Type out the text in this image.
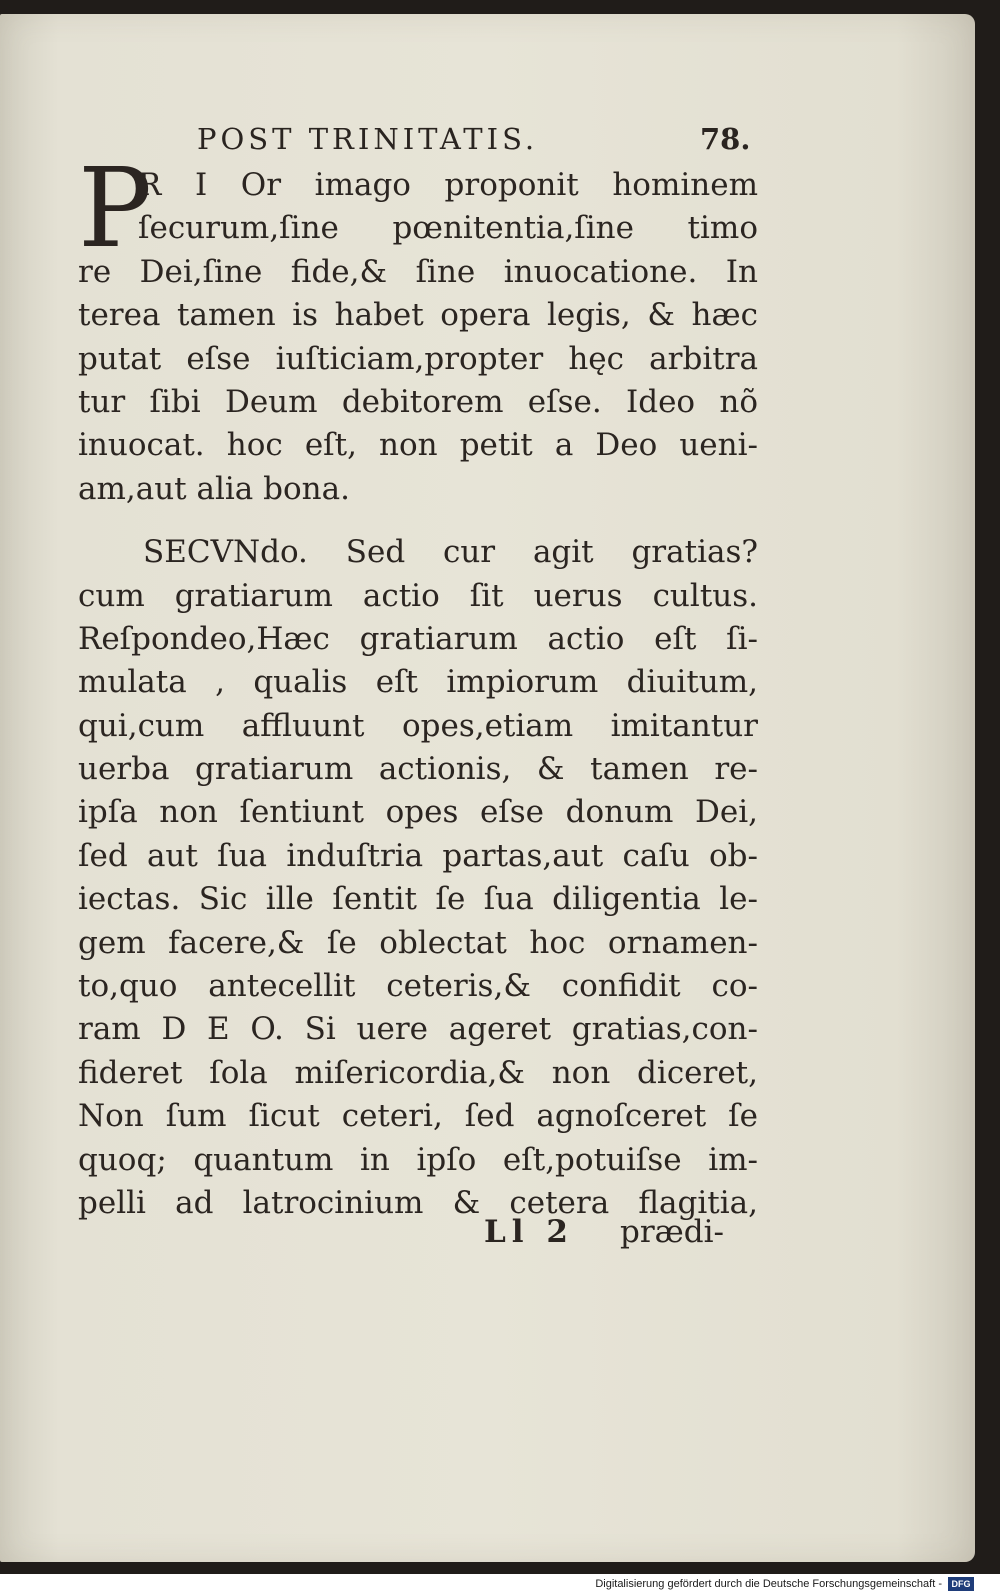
POST TRINITATIS.	78.
P
R I Or imago proponit hominem
ſecurum,ſine pœnitentia,ſine timo
re Dei,ſine fide,& ſine inuocatione. In
terea tamen is habet opera legis, & hæc
putat eſse iuſticiam,propter hęc arbitra
tur ſibi Deum debitorem eſse. Ideo nõ
inuocat. hoc eſt, non petit a Deo ueni-
am,aut alia bona.
SECVNdo. Sed cur agit gratias?
cum gratiarum actio ſit uerus cultus.
Reſpondeo,Hæc gratiarum actio eſt ſi-
mulata , qualis eſt impiorum diuitum,
qui,cum affluunt opes,etiam imitantur
uerba gratiarum actionis, & tamen re-
ipſa non ſentiunt opes eſse donum Dei,
ſed aut ſua induſtria partas,aut caſu ob-
iectas. Sic ille ſentit ſe ſua diligentia le-
gem facere,& ſe oblectat hoc ornamen-
to,quo antecellit ceteris,& confidit co-
ram D E O. Si uere ageret gratias,con-
fideret ſola miſericordia,& non diceret,
Non ſum ſicut ceteri, ſed agnoſceret ſe
quoq; quantum in ipſo eſt,potuiſse im-
pelli ad latrocinium & cetera flagitia,
Ll 2 prædi-
Digitalisierung gefördert durch die Deutsche Forschungsgemeinschaft -	DFG
